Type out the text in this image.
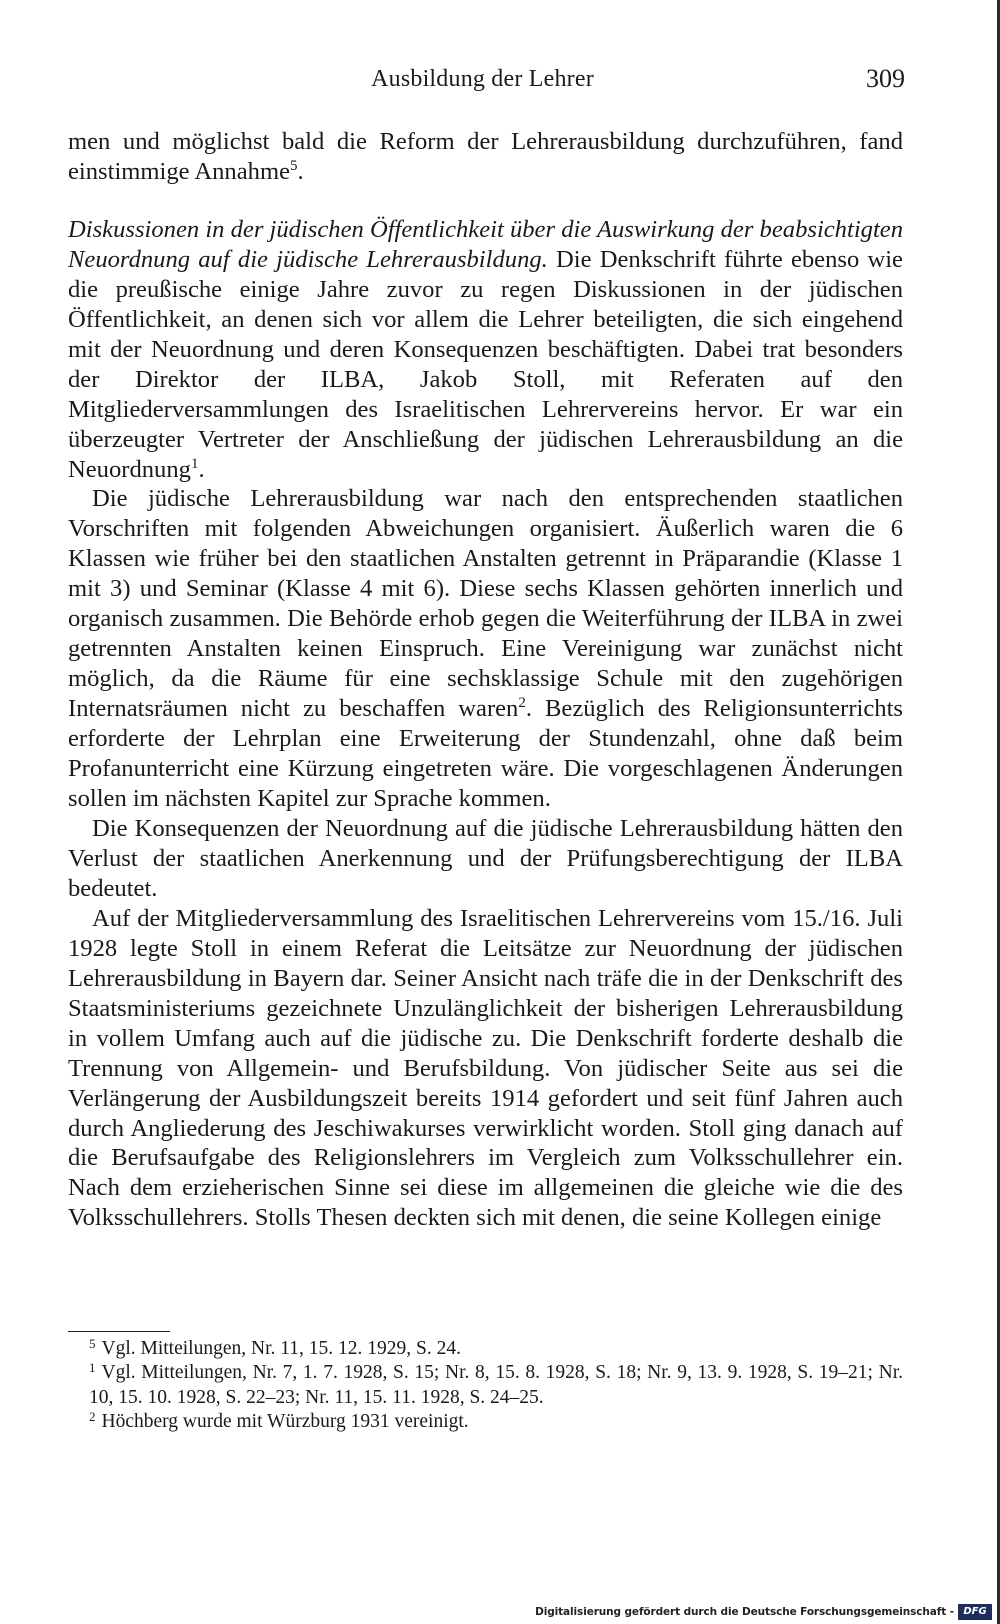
Ausbildung der Lehrer	309

men und möglichst bald die Reform der Lehrerausbildung durchzuführen, fand einstimmige Annahme$^5$.

Diskussionen in der jüdischen Öffentlichkeit über die Auswirkung der beabsichtigten Neuordnung auf die jüdische Lehrerausbildung. Die Denkschrift führte ebenso wie die preußische einige Jahre zuvor zu regen Diskussionen in der jüdischen Öffentlichkeit, an denen sich vor allem die Lehrer beteiligten, die sich eingehend mit der Neuordnung und deren Konsequenzen beschäftigten. Dabei trat besonders der Direktor der ILBA, Jakob Stoll, mit Referaten auf den Mitgliederversammlungen des Israelitischen Lehrervereins hervor. Er war ein überzeugter Vertreter der Anschließung der jüdischen Lehrerausbildung an die Neuordnung$^1$.

Die jüdische Lehrerausbildung war nach den entsprechenden staatlichen Vorschriften mit folgenden Abweichungen organisiert. Äußerlich waren die 6 Klassen wie früher bei den staatlichen Anstalten getrennt in Präparandie (Klasse 1 mit 3) und Seminar (Klasse 4 mit 6). Diese sechs Klassen gehörten innerlich und organisch zusammen. Die Behörde erhob gegen die Weiterführung der ILBA in zwei getrennten Anstalten keinen Einspruch. Eine Vereinigung war zunächst nicht möglich, da die Räume für eine sechsklassige Schule mit den zugehörigen Internatsräumen nicht zu beschaffen waren$^2$. Bezüglich des Religionsunterrichts erforderte der Lehrplan eine Erweiterung der Stundenzahl, ohne daß beim Profanunterricht eine Kürzung eingetreten wäre. Die vorgeschlagenen Änderungen sollen im nächsten Kapitel zur Sprache kommen.

Die Konsequenzen der Neuordnung auf die jüdische Lehrerausbildung hätten den Verlust der staatlichen Anerkennung und der Prüfungsberechtigung der ILBA bedeutet.

Auf der Mitgliederversammlung des Israelitischen Lehrervereins vom 15./16. Juli 1928 legte Stoll in einem Referat die Leitsätze zur Neuordnung der jüdischen Lehrerausbildung in Bayern dar. Seiner Ansicht nach träfe die in der Denkschrift des Staatsministeriums gezeichnete Unzulänglichkeit der bisherigen Lehrerausbildung in vollem Umfang auch auf die jüdische zu. Die Denkschrift forderte deshalb die Trennung von Allgemein- und Berufsbildung. Von jüdischer Seite aus sei die Verlängerung der Ausbildungszeit bereits 1914 gefordert und seit fünf Jahren auch durch Angliederung des Jeschiwakurses verwirklicht worden. Stoll ging danach auf die Berufsaufgabe des Religionslehrers im Vergleich zum Volksschullehrer ein. Nach dem erzieherischen Sinne sei diese im allgemeinen die gleiche wie die des Volksschullehrers. Stolls Thesen deckten sich mit denen, die seine Kollegen einige

$^5$ Vgl. Mitteilungen, Nr. 11, 15. 12. 1929, S. 24.

$^1$ Vgl. Mitteilungen, Nr. 7, 1. 7. 1928, S. 15; Nr. 8, 15. 8. 1928, S. 18; Nr. 9, 13. 9. 1928, S. 19–21; Nr. 10, 15. 10. 1928, S. 22–23; Nr. 11, 15. 11. 1928, S. 24–25.

$^2$ Höchberg wurde mit Würzburg 1931 vereinigt.

Digitalisierung gefördert durch die Deutsche Forschungsgemeinschaft - DFG
